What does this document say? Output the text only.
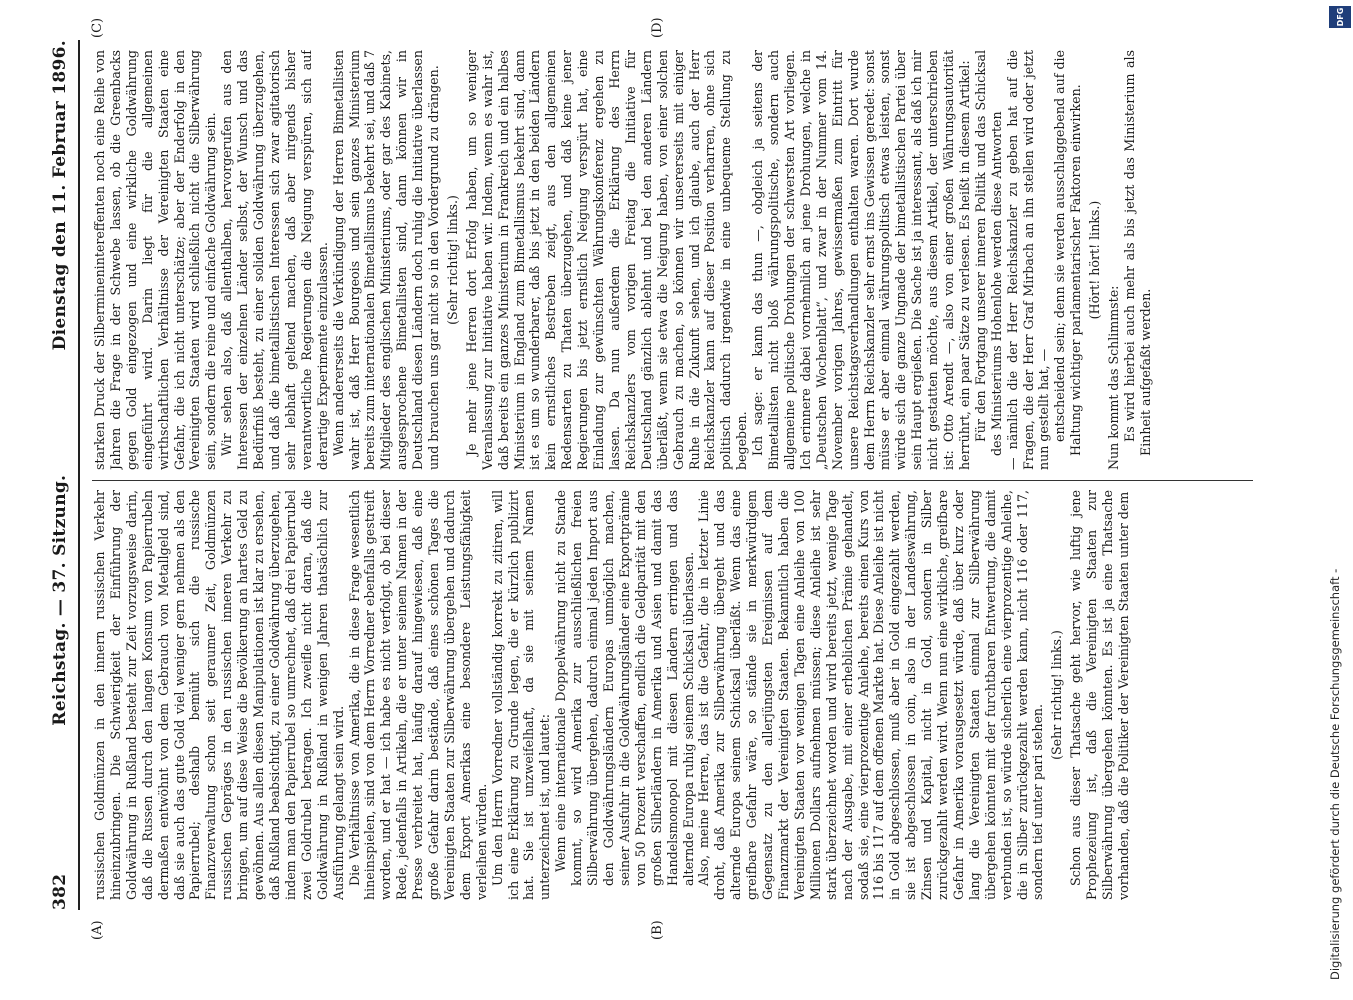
382
Reichstag. — 37. Sitzung.
Dienstag den 11. Februar 1896.
(A)	(B)
(C)	(D)

russischen Goldmünzen in den innern russischen Verkehr hineinzubringen. Die Schwierigkeit der Einführung der Goldwährung in Rußland besteht zur Zeit vorzugsweise darin, daß die Russen durch den langen Konsum von Papierrubeln dermaßen entwöhnt von dem Gebrauch von Metallgeld sind, daß sie auch das gute Gold viel weniger gern nehmen als den Papierrubel; deshalb bemüht sich die russische Finanzverwaltung schon seit geraumer Zeit, Goldmünzen russischen Gepräges in den russischen inneren Verkehr zu bringen, um auf diese Weise die Bevölkerung an hartes Geld zu gewöhnen. Aus allen diesen Manipulationen ist klar zu ersehen, daß Rußland beabsichtigt, zu einer Goldwährung überzugehen, indem man den Papierrubel so umrechnet, daß drei Papierrubel zwei Goldrubel betragen. Ich zweifle nicht daran, daß die Goldwährung in Rußland in wenigen Jahren thatsächlich zur Ausführung gelangt sein wird. Die Verhältnisse von Amerika, die in diese Frage wesentlich hineinspielen, sind von dem Herrn Vorredner ebenfalls gestreift worden, und er hat — ich habe es nicht verfolgt, ob bei dieser Rede, jedenfalls in Artikeln, die er unter seinem Namen in der Presse verbreitet hat, häufig darauf hingewiesen, daß eine große Gefahr darin bestände, daß eines schönen Tages die Vereinigten Staaten zur Silberwährung übergehen und dadurch dem Export Amerikas eine besondere Leistungsfähigkeit verleihen würden. Um den Herrn Vorredner vollständig korrekt zu zitiren, will ich eine Erklärung zu Grunde legen, die er kürzlich publizirt hat. Sie ist unzweifelhaft, da sie mit seinem Namen unterzeichnet ist, und lautet: Wenn eine internationale Doppelwährung nicht zu Stande kommt, so wird Amerika zur ausschließlichen freien Silberwährung übergehen, dadurch einmal jeden Import aus den Goldwährungsländern Europas unmöglich machen, seiner Ausfuhr in die Goldwährungsländer eine Exportprämie von 50 Prozent verschaffen, endlich die Geldparität mit den großen Silberländern in Amerika und Asien und damit das Handelsmonopol mit diesen Ländern erringen und das alternde Europa ruhig seinem Schicksal überlassen. Also, meine Herren, das ist die Gefahr, die in letzter Linie droht, daß Amerika zur Silberwährung übergeht und das alternde Europa seinem Schicksal überläßt. Wenn das eine greifbare Gefahr wäre, so stände sie in merkwürdigem Gegensatz zu den allerjüngsten Ereignissen auf dem Finanzmarkt der Vereinigten Staaten. Bekanntlich haben die Vereinigten Staaten vor wenigen Tagen eine Anleihe von 100 Millionen Dollars aufnehmen müssen; diese Anleihe ist sehr stark überzeichnet worden und wird bereits jetzt, wenige Tage nach der Ausgabe, mit einer erheblichen Prämie gehandelt, sodaß sie, eine vierprozentige Anleihe, bereits einen Kurs von 116 bis 117 auf dem offenen Markte hat. Diese Anleihe ist nicht in Gold abgeschlossen, muß aber in Gold eingezahlt werden, sie ist abgeschlossen in coin, also in der Landeswährung, Zinsen und Kapital, nicht in Gold, sondern in Silber zurückgezahlt werden wird. Wenn nun eine wirkliche, greifbare Gefahr in Amerika vorausgesetzt würde, daß über kurz oder lang die Vereinigten Staaten einmal zur Silberwährung übergehen könnten mit der furchtbaren Entwertung, die damit verbunden ist, so würde sicherlich eine vierprozentige Anleihe, die in Silber zurückgezahlt werden kann, nicht 116 oder 117, sondern tief unter pari stehen.

(Sehr richtig! links.) Schon aus dieser Thatsache geht hervor, wie luftig jene Prophezeiung ist, daß die Vereinigten Staaten zur Silberwährung übergehen könnten. Es ist ja eine Thatsache vorhanden, daß die Politiker der Vereinigten Staaten unter dem

starken Druck der Silberminenintereffenten noch eine Reihe von Jahren die Frage in der Schwebe lassen, ob die Greenbacks gegen Gold eingezogen und eine wirkliche Goldwährung eingeführt wird. Darin liegt für die allgemeinen wirthschaftlichen Verhältnisse der Vereinigten Staaten eine Gefahr, die ich nicht unterschätze; aber der Enderfolg in den Vereinigten Staaten wird schließlich nicht die Silberwährung sein, sondern die reine und einfache Goldwährung sein. Wir sehen also, daß allenthalben, hervorgerufen aus den Interessen der einzelnen Länder selbst, der Wunsch und das Bedürfniß besteht, zu einer soliden Goldwährung überzugehen, und daß die bimetallistischen Interessen sich zwar agitatorisch sehr lebhaft geltend machen, daß aber nirgends bisher verantwortliche Regierungen die Neigung verspüren, sich auf derartige Experimente einzulassen. Wenn andererseits die Verkündigung der Herren Bimetallisten wahr ist, daß Herr Bourgeois und sein ganzes Ministerium bereits zum internationalen Bimetallismus bekehrt sei, und daß 7 Mitglieder des englischen Ministeriums, oder gar des Kabinets, ausgesprochene Bimetallisten sind, dann können wir in Deutschland diesen Ländern doch ruhig die Initiative überlassen und brauchen uns gar nicht so in den Vordergrund zu drängen. (Sehr richtig! links.) Je mehr jene Herren dort Erfolg haben, um so weniger Veranlassung zur Initiative haben wir. Indem, wenn es wahr ist, daß bereits ein ganzes Ministerium in Frankreich und ein halbes Ministerium in England zum Bimetallismus bekehrt sind, dann ist es um so wunderbarer, daß bis jetzt in den beiden Ländern kein ernstliches Bestreben zeigt, aus den allgemeinen Redensarten zu Thaten überzugehen, und daß keine jener Regierungen bis jetzt ernstlich Neigung verspürt hat, eine Einladung zur gewünschten Währungskonferenz ergehen zu lassen. Da nun außerdem die Erklärung des Herrn Reichskanzlers vom vorigen Freitag die Initiative für Deutschland gänzlich ablehnt und bei den anderen Ländern überläßt, wenn sie etwa die Neigung haben, von einer solchen Gebrauch zu machen, so können wir unsererseits mit einiger Ruhe in die Zukunft sehen, und ich glaube, auch der Herr Reichskanzler kann auf dieser Position verharren, ohne sich politisch dadurch irgendwie in eine unbequeme Stellung zu begeben. Ich sage: er kann das thun —, obgleich ja seitens der Bimetallisten nicht bloß währungspolitische, sondern auch allgemeine politische Drohungen der schwersten Art vorliegen. Ich erinnere dabei vornehmlich an jene Drohungen, welche in „Deutschen Wochenblatt“, und zwar in der Nummer vom 14. November vorigen Jahres, gewissermaßen zum Eintritt für unsere Reichstagsverhandlungen enthalten waren. Dort wurde dem Herrn Reichskanzler sehr ernst ins Gewissen geredet: sonst müsse er aber einmal währungspolitisch etwas leisten, sonst würde sich die ganze Ungnade der bimetallistischen Partei über sein Haupt ergießen. Die Sache ist ja interessant, als daß ich mir nicht gestatten möchte, aus diesem Artikel, der unterschrieben ist: Otto Arendt —, also von einer großen Währungsautorität herrührt, ein paar Sätze zu verlesen. Es heißt in diesem Artikel: Für den Fortgang unserer inneren Politik und das Schicksal des Ministeriums Hohenlohe werden diese Antworten — nämlich die der Herr Reichskanzler zu geben hat auf die Fragen, die der Herr Graf Mirbach an ihn stellen wird oder jetzt nun gestellt hat, — entscheidend sein; denn sie werden ausschlaggebend auf die Haltung wichtiger parlamentarischer Faktoren einwirken. (Hört! hört! links.)

Nun kommt das Schlimmste: Es wird hierbei auch mehr als bis jetzt das Ministerium als Einheit aufgefaßt werden.

DFG
Digitalisierung gefördert durch die Deutsche Forschungsgemeinschaft -
